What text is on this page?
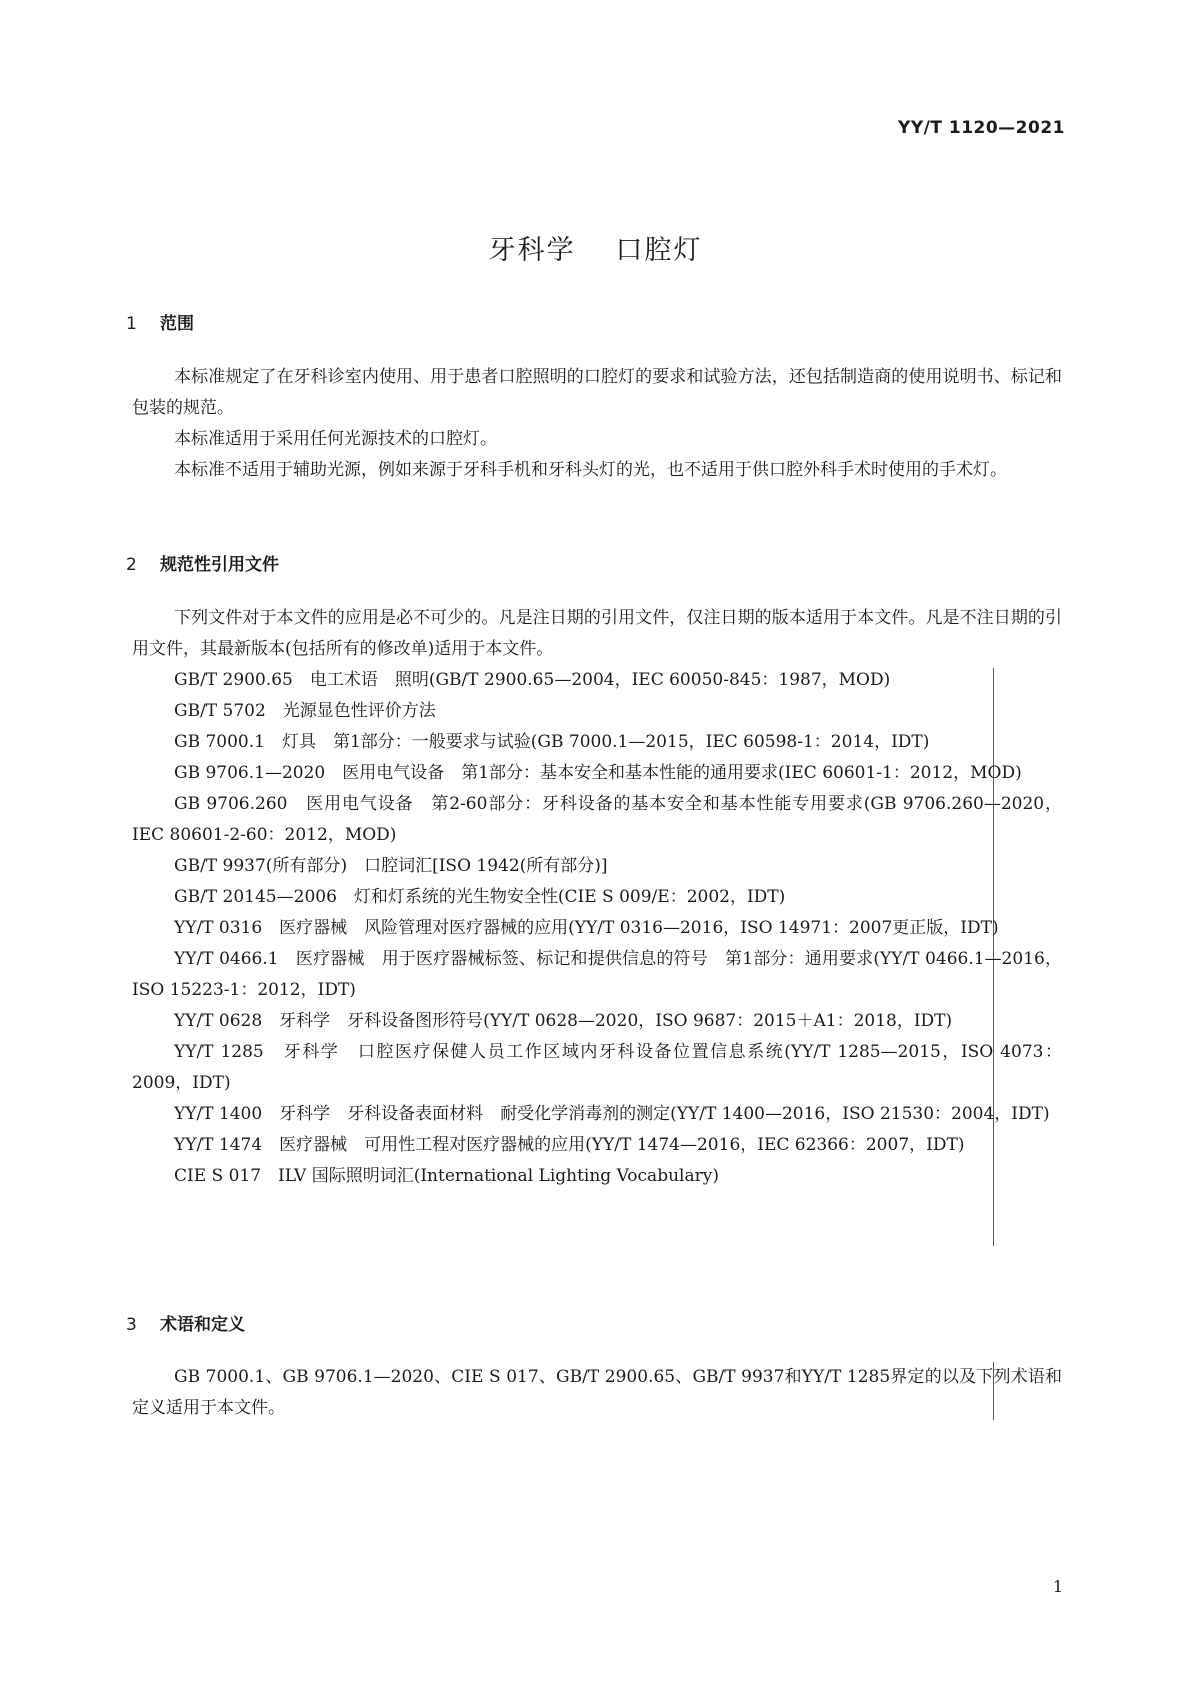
YY/T 1120—2021
牙科学 口腔灯
1 范围

本标准规定了在牙科诊室内使用、用于患者口腔照明的口腔灯的要求和试验方法，还包括制造商的使用说明书、标记和包装的规范。

本标准适用于采用任何光源技术的口腔灯。

本标准不适用于辅助光源，例如来源于牙科手机和牙科头灯的光，也不适用于供口腔外科手术时使用的手术灯。

2 规范性引用文件

下列文件对于本文件的应用是必不可少的。凡是注日期的引用文件，仅注日期的版本适用于本文件。凡是不注日期的引用文件，其最新版本(包括所有的修改单)适用于本文件。

GB/T 2900.65　电工术语　照明(GB/T 2900.65—2004，IEC 60050-845：1987，MOD)
GB/T 5702　光源显色性评价方法
GB 7000.1　灯具　第1部分：一般要求与试验(GB 7000.1—2015，IEC 60598-1：2014，IDT)
GB 9706.1—2020　医用电气设备　第1部分：基本安全和基本性能的通用要求(IEC 60601-1：2012，MOD)
GB 9706.260　医用电气设备　第2-60部分：牙科设备的基本安全和基本性能专用要求(GB 9706.260—2020，IEC 80601-2-60：2012，MOD)
GB/T 9937(所有部分)　口腔词汇[ISO 1942(所有部分)]
GB/T 20145—2006　灯和灯系统的光生物安全性(CIE S 009/E：2002，IDT)
YY/T 0316　医疗器械　风险管理对医疗器械的应用(YY/T 0316—2016，ISO 14971：2007更正版，IDT)
YY/T 0466.1　医疗器械　用于医疗器械标签、标记和提供信息的符号　第1部分：通用要求(YY/T 0466.1—2016，ISO 15223-1：2012，IDT)
YY/T 0628　牙科学　牙科设备图形符号(YY/T 0628—2020，ISO 9687：2015＋A1：2018，IDT)
YY/T 1285　牙科学　口腔医疗保健人员工作区域内牙科设备位置信息系统(YY/T 1285—2015，ISO 4073：2009，IDT)
YY/T 1400　牙科学　牙科设备表面材料　耐受化学消毒剂的测定(YY/T 1400—2016，ISO 21530：2004，IDT)
YY/T 1474　医疗器械　可用性工程对医疗器械的应用(YY/T 1474—2016，IEC 62366：2007，IDT)
CIE S 017　ILV 国际照明词汇(International Lighting Vocabulary)
3 术语和定义

GB 7000.1、GB 9706.1—2020、CIE S 017、GB/T 2900.65、GB/T 9937和YY/T 1285界定的以及下列术语和定义适用于本文件。

1
